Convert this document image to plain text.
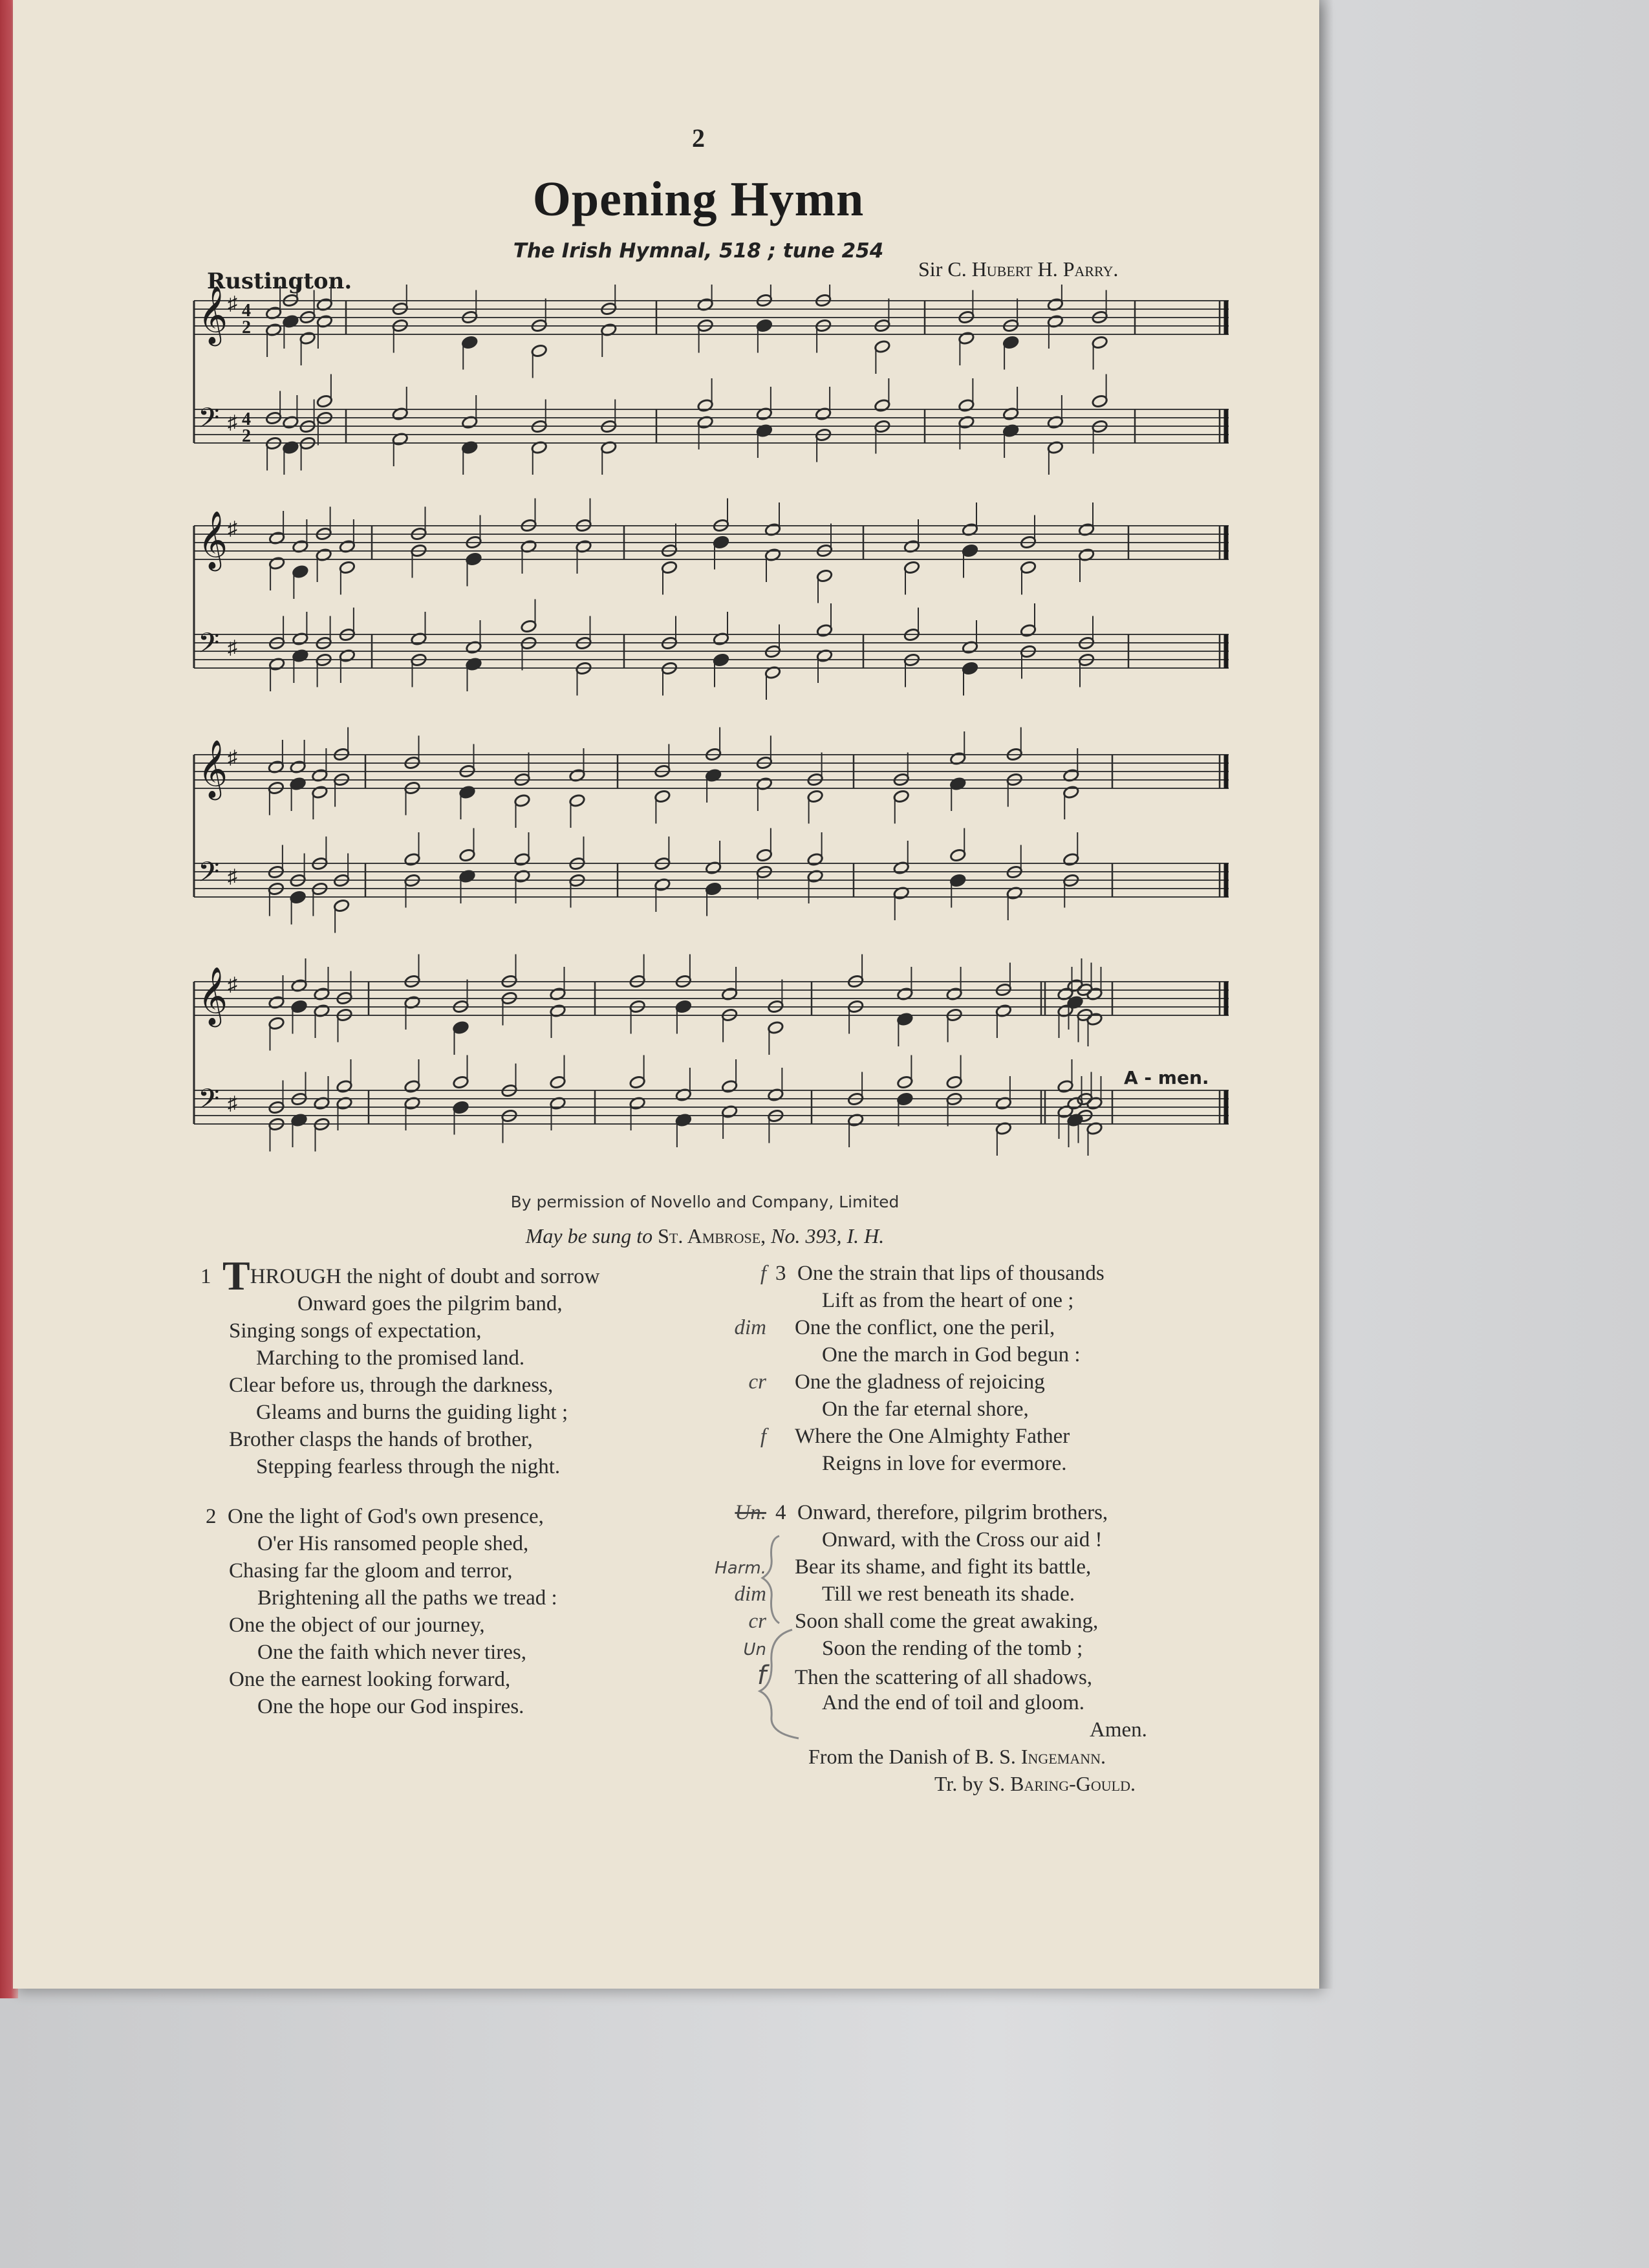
2
Opening Hymn
The Irish Hymnal, 518 ; tune 254
Rustington.	Sir C. Hubert H. Parry.
𝄞 ♯ 4
2
𝄢 ♯ 4
2
𝄞 ♯
𝄢 ♯
𝄞 ♯
𝄢 ♯
𝄞 ♯
𝄢 ♯
A - men.
By permission of Novello and Company, Limited
May be sung to St. Ambrose, No. 393, I. H.
1 THROUGH the night of doubt and sorrow
Onward goes the pilgrim band,
Singing songs of expectation,
Marching to the promised land.
Clear before us, through the darkness,
Gleams and burns the guiding light ;
Brother clasps the hands of brother,
Stepping fearless through the night.
2 One the light of God's own presence,
O'er His ransomed people shed,
Chasing far the gloom and terror,
Brightening all the paths we tread :
One the object of our journey,
One the faith which never tires,
One the earnest looking forward,
One the hope our God inspires.
f 3 One the strain that lips of thousands
Lift as from the heart of one ;
dim One the conflict, one the peril,
One the march in God begun :
cr One the gladness of rejoicing
On the far eternal shore,
f Where the One Almighty Father
Reigns in love for evermore.
Un. 4 Onward, therefore, pilgrim brothers,
Onward, with the Cross our aid !
Harm. Bear its shame, and fight its battle,
dim	Till we rest beneath its shade.
cr Soon shall come the great awaking,
Un	Soon the rending of the tomb ;
f Then the scattering of all shadows,
And the end of toil and gloom.
Amen.
From the Danish of B. S. Ingemann.
Tr. by S. Baring-Gould.
